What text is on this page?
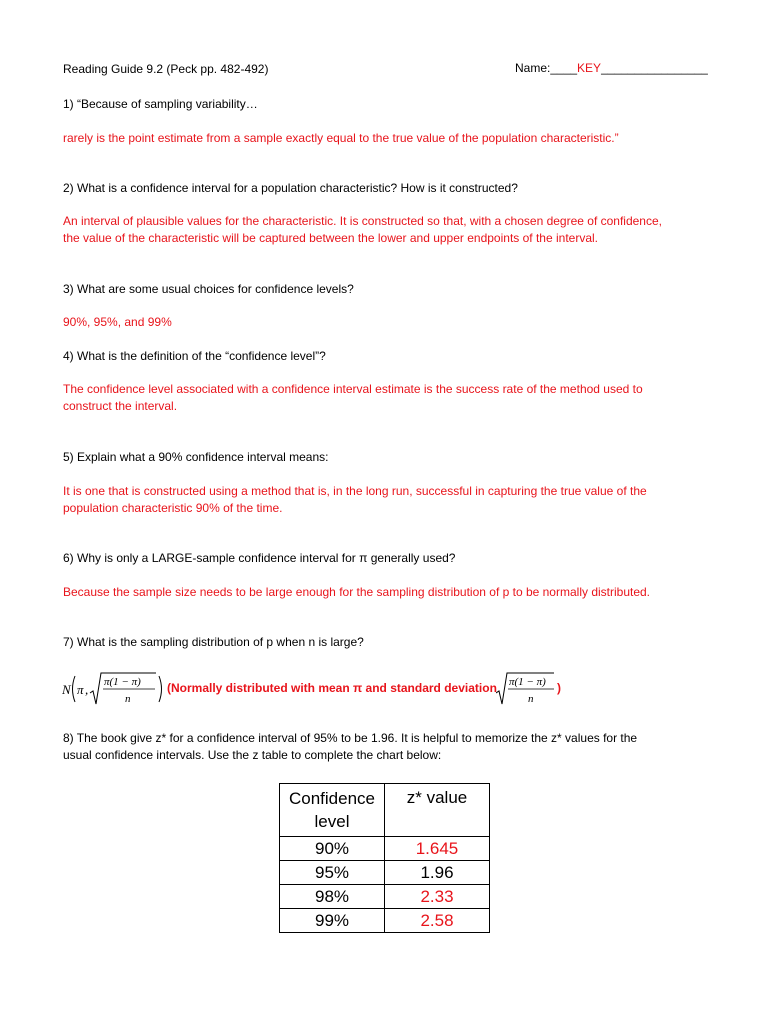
Reading Guide 9.2 (Peck pp. 482-492)	Name:____KEY________________
1) “Because of sampling variability…
rarely is the point estimate from a sample exactly equal to the true value of the population characteristic.”
2) What is a confidence interval for a population characteristic? How is it constructed?
An interval of plausible values for the characteristic. It is constructed so that, with a chosen degree of confidence,
the value of the characteristic will be captured between the lower and upper endpoints of the interval.
3) What are some usual choices for confidence levels?
90%, 95%, and 99%
4) What is the definition of the “confidence level”?
The confidence level associated with a confidence interval estimate is the success rate of the method used to
construct the interval.
5) Explain what a 90% confidence interval means:
It is one that is constructed using a method that is, in the long run, successful in capturing the true value of the
population characteristic 90% of the time.
6) Why is only a LARGE-sample confidence interval for π generally used?
Because the sample size needs to be large enough for the sampling distribution of p to be normally distributed.
7) What is the sampling distribution of p when n is large?
N π , π(1 − π)
n
(Normally distributed with mean π and standard deviation π(1 − π)
n
)
8) The book give z* for a confidence interval of 95% to be 1.96. It is helpful to memorize the z* values for the
usual confidence intervals. Use the z table to complete the chart below:
Confidence
level	z* value
90%	1.645
95%	1.96
98%	2.33
99%	2.58
